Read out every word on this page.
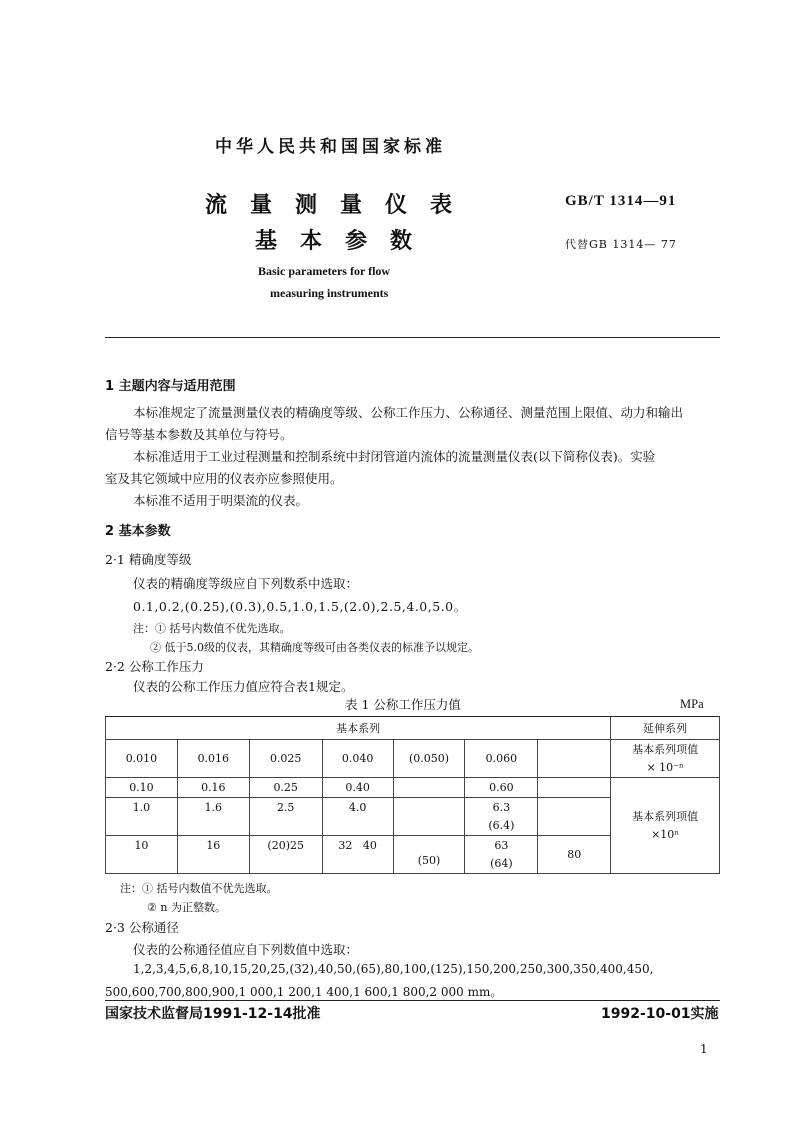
中华人民共和国国家标准
流量测量仪表
基本参数
GB/T 1314—91
代替GB 1314— 77
Basic parameters for flow
measuring instruments
1 主题内容与适用范围
本标准规定了流量测量仪表的精确度等级、公称工作压力、公称通径、测量范围上限值、动力和输出
信号等基本参数及其单位与符号。
本标准适用于工业过程测量和控制系统中封闭管道内流体的流量测量仪表(以下简称仪表)。实验
室及其它领域中应用的仪表亦应参照使用。
本标准不适用于明渠流的仪表。
2 基本参数
2·1 精确度等级
仪表的精确度等级应自下列数系中选取：
0.1,0.2,(0.25),(0.3),0.5,1.0,1.5,(2.0),2.5,4.0,5.0。
注：① 括号内数值不优先选取。
② 低于5.0级的仪表，其精确度等级可由各类仪表的标准予以规定。
2·2 公称工作压力
仪表的公称工作压力值应符合表1规定。
表 1 公称工作压力值	MPa
基本系列							延伸系列
0.010	0.016	0.025	0.040	(0.050)	0.060		基本系列项值
× 10⁻ⁿ

0.10	0.16	0.25	0.40		0.60		基本系列项值
×10ⁿ

1.0	1.6	2.5	4.0		6.3
(6.4)		

10	16	(20)25	32   40	(50)	63
(64)	80	
注：① 括号内数值不优先选取。
② n 为正整数。
2·3 公称通径
仪表的公称通径值应自下列数值中选取：
1,2,3,4,5,6,8,10,15,20,25,(32),40,50,(65),80,100,(125),150,200,250,300,350,400,450,
500,600,700,800,900,1 000,1 200,1 400,1 600,1 800,2 000 mm。
国家技术监督局1991-12-14批准	1992-10-01实施
1
